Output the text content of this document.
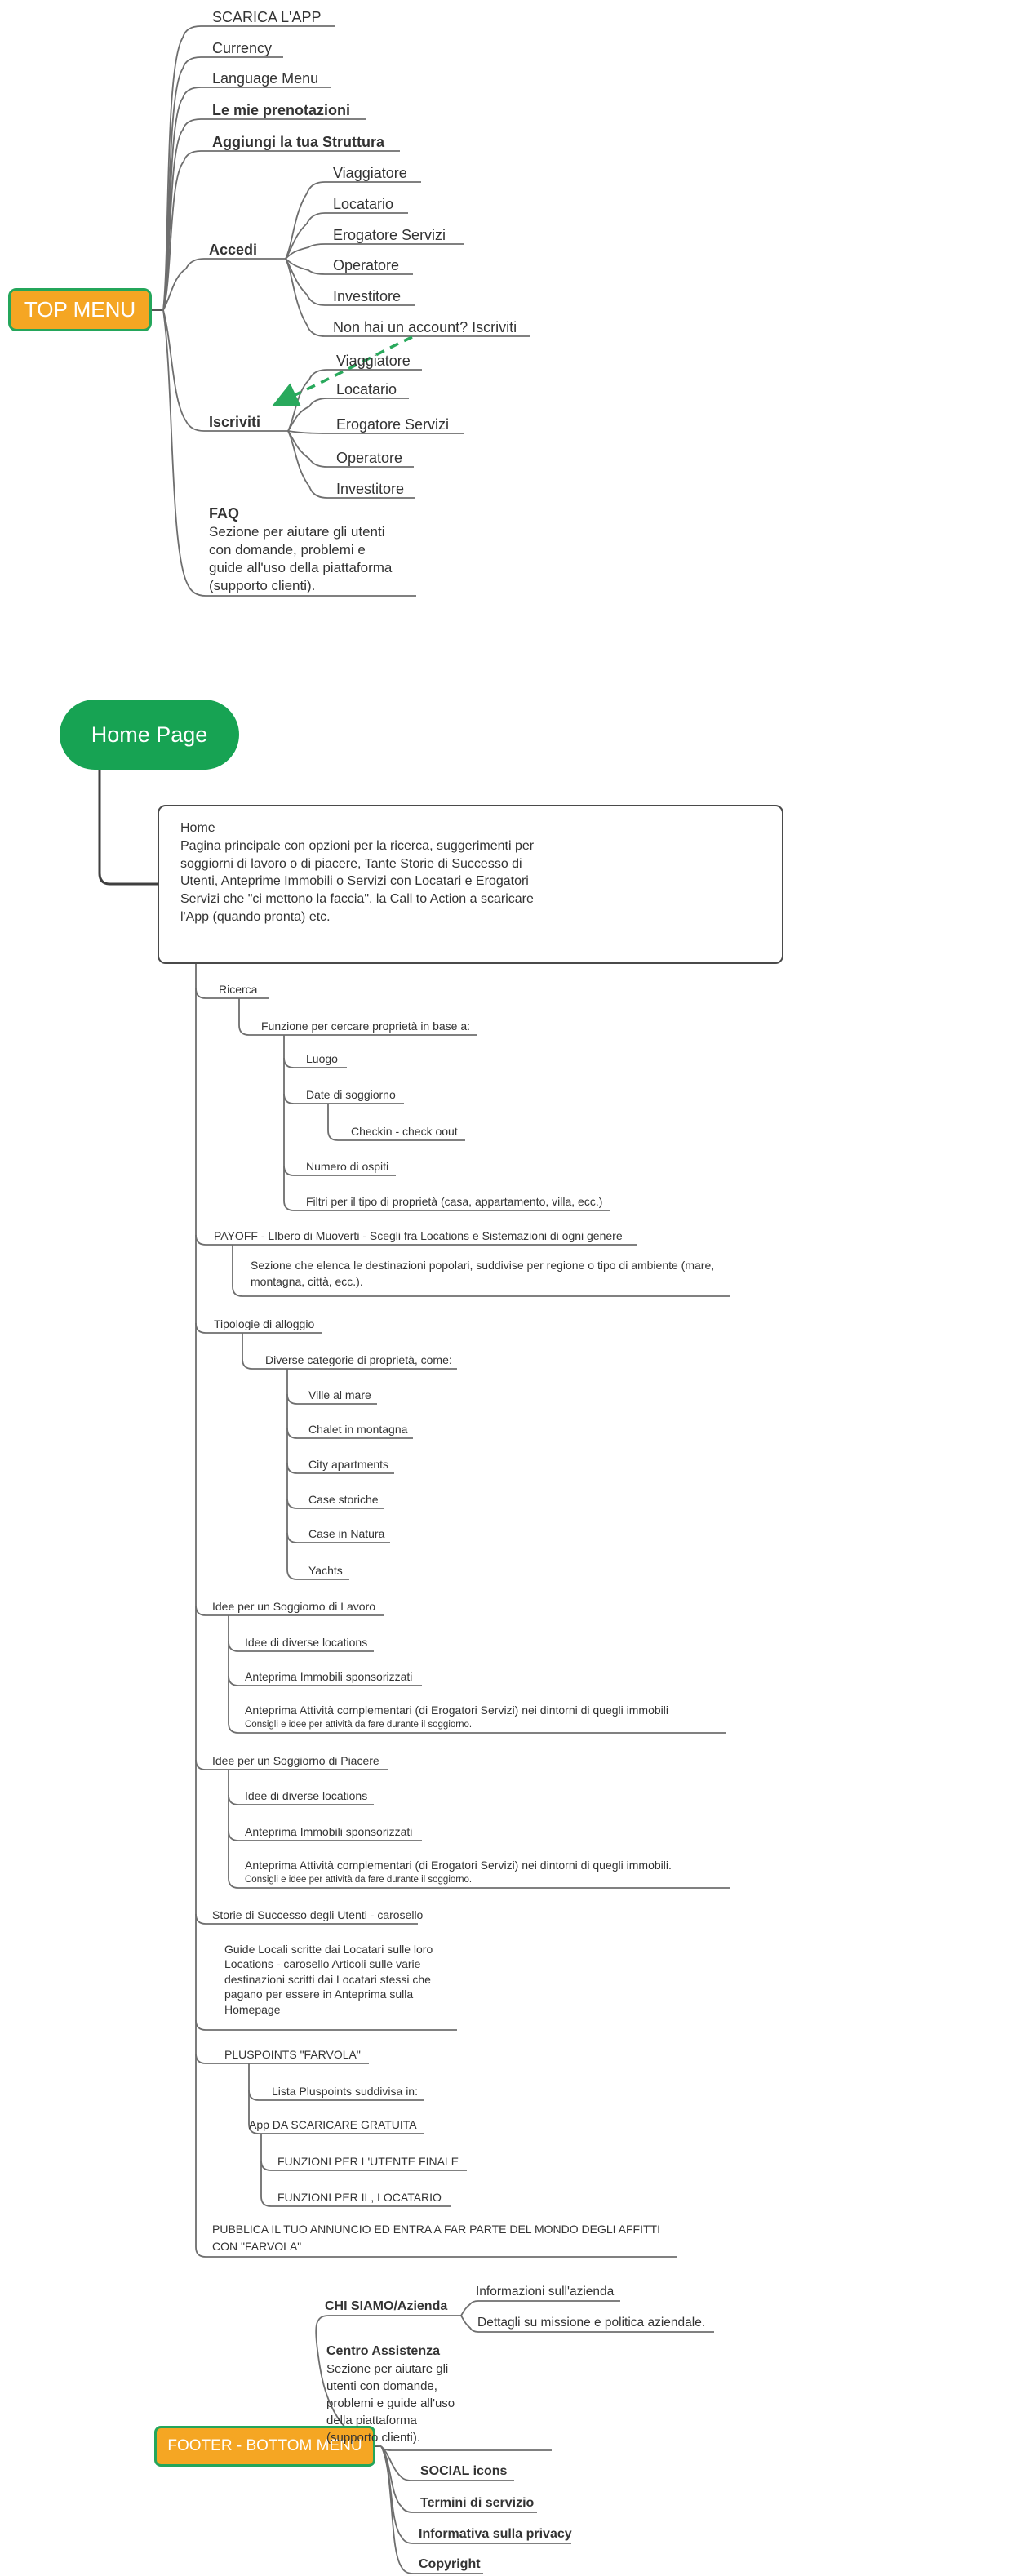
TOP MENU
SCARICA L'APP
Currency
Language Menu
Le mie prenotazioni
Aggiungi la tua Struttura
Accedi
Viaggiatore
Locatario
Erogatore Servizi
Operatore
Investitore
Non hai un account? Iscriviti
Iscriviti
Viaggiatore
Locatario
Erogatore Servizi
Operatore
Investitore
FAQ
Sezione per aiutare gli utenti con domande, problemi e guide all'uso della piattaforma (supporto clienti).
Home Page
Home
Pagina principale con opzioni per la ricerca, suggerimenti per soggiorni di lavoro o di piacere, Tante Storie di Successo di Utenti, Anteprime Immobili o Servizi con Locatari e Erogatori Servizi che "ci mettono la faccia", la Call to Action a scaricare l'App (quando pronta) etc.
Ricerca
Funzione per cercare proprietà in base a:
Luogo
Date di soggiorno
Checkin - check oout
Numero di ospiti
Filtri per il tipo di proprietà (casa, appartamento, villa, ecc.)
PAYOFF - LIbero di Muoverti - Scegli fra Locations e Sistemazioni di ogni genere
Sezione che elenca le destinazioni popolari, suddivise per regione o tipo di ambiente (mare, montagna, città, ecc.).
Tipologie di alloggio
Diverse categorie di proprietà, come:
Ville al mare
Chalet in montagna
City apartments
Case storiche
Case in Natura
Yachts
Idee per un Soggiorno di Lavoro
Idee di diverse locations
Anteprima Immobili sponsorizzati
Anteprima Attività complementari (di Erogatori Servizi) nei dintorni di quegli immobili
Consigli e idee per attività da fare durante il soggiorno.
Idee per un Soggiorno di Piacere
Idee di diverse locations
Anteprima Immobili sponsorizzati
Anteprima Attività complementari (di Erogatori Servizi) nei dintorni di quegli immobili.
Consigli e idee per attività da fare durante il soggiorno.
Storie di Successo degli Utenti - carosello
Guide Locali scritte dai Locatari sulle loro Locations - carosello Articoli sulle varie destinazioni scritti dai Locatari stessi che pagano per essere in Anteprima sulla Homepage
PLUSPOINTS "FARVOLA"
Lista Pluspoints suddivisa in:
App DA SCARICARE GRATUITA
FUNZIONI PER L'UTENTE FINALE
FUNZIONI PER IL, LOCATARIO
PUBBLICA IL TUO ANNUNCIO ED ENTRA A FAR PARTE DEL MONDO DEGLI AFFITTI CON "FARVOLA"
FOOTER - BOTTOM MENU
CHI SIAMO/Azienda
Informazioni sull'azienda
Dettagli su missione e politica aziendale.
Centro Assistenza
Sezione per aiutare gli utenti con domande, problemi e guide all'uso della piattaforma (supporto clienti).
SOCIAL icons
Termini di servizio
Informativa sulla privacy
Copyright
